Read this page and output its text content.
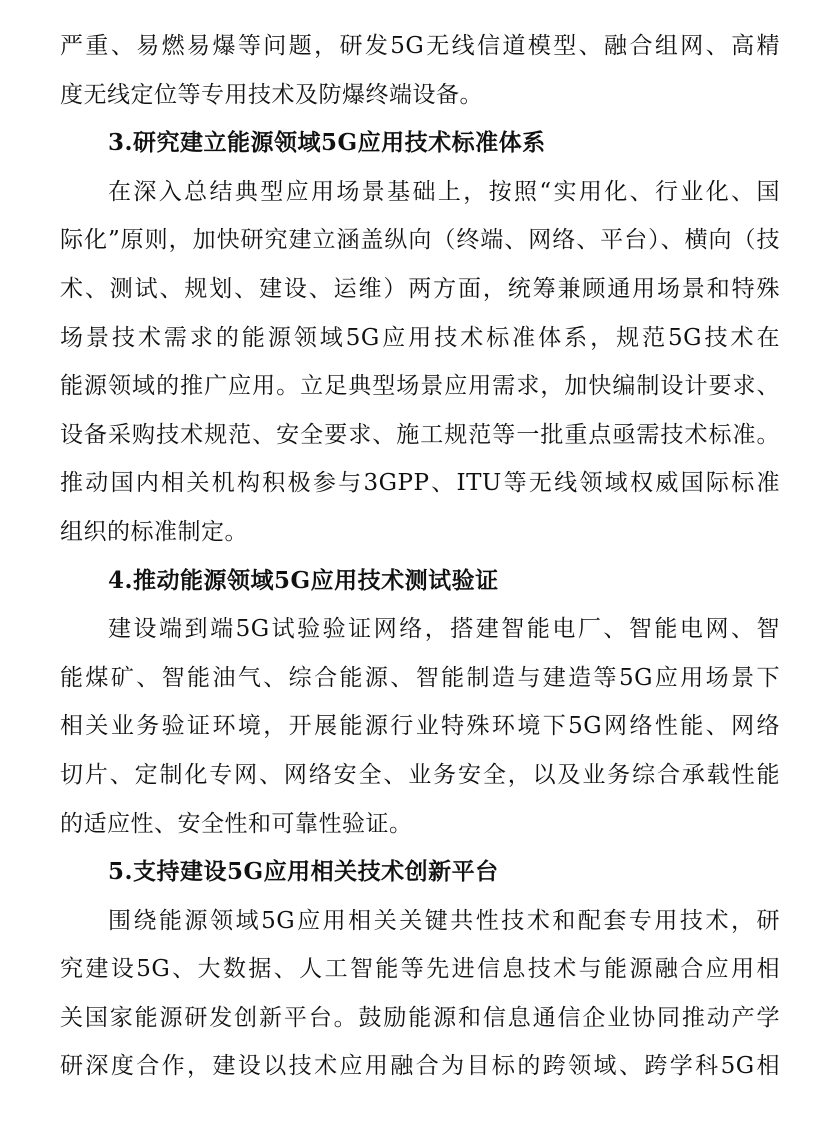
严重、易燃易爆等问题，研发5G无线信道模型、融合组网、高精
度无线定位等专用技术及防爆终端设备。
3.研究建立能源领域5G应用技术标准体系
在深入总结典型应用场景基础上，按照“实用化、行业化、国
际化”原则，加快研究建立涵盖纵向（终端、网络、平台）、横向（技
术、测试、规划、建设、运维）两方面，统筹兼顾通用场景和特殊
场景技术需求的能源领域5G应用技术标准体系，规范5G技术在
能源领域的推广应用。立足典型场景应用需求，加快编制设计要求、
设备采购技术规范、安全要求、施工规范等一批重点亟需技术标准。
推动国内相关机构积极参与3GPP、ITU等无线领域权威国际标准
组织的标准制定。
4.推动能源领域5G应用技术测试验证
建设端到端5G试验验证网络，搭建智能电厂、智能电网、智
能煤矿、智能油气、综合能源、智能制造与建造等5G应用场景下
相关业务验证环境，开展能源行业特殊环境下5G网络性能、网络
切片、定制化专网、网络安全、业务安全，以及业务综合承载性能
的适应性、安全性和可靠性验证。
5.支持建设5G应用相关技术创新平台
围绕能源领域5G应用相关关键共性技术和配套专用技术，研
究建设5G、大数据、人工智能等先进信息技术与能源融合应用相
关国家能源研发创新平台。鼓励能源和信息通信企业协同推动产学
研深度合作，建设以技术应用融合为目标的跨领域、跨学科5G相
